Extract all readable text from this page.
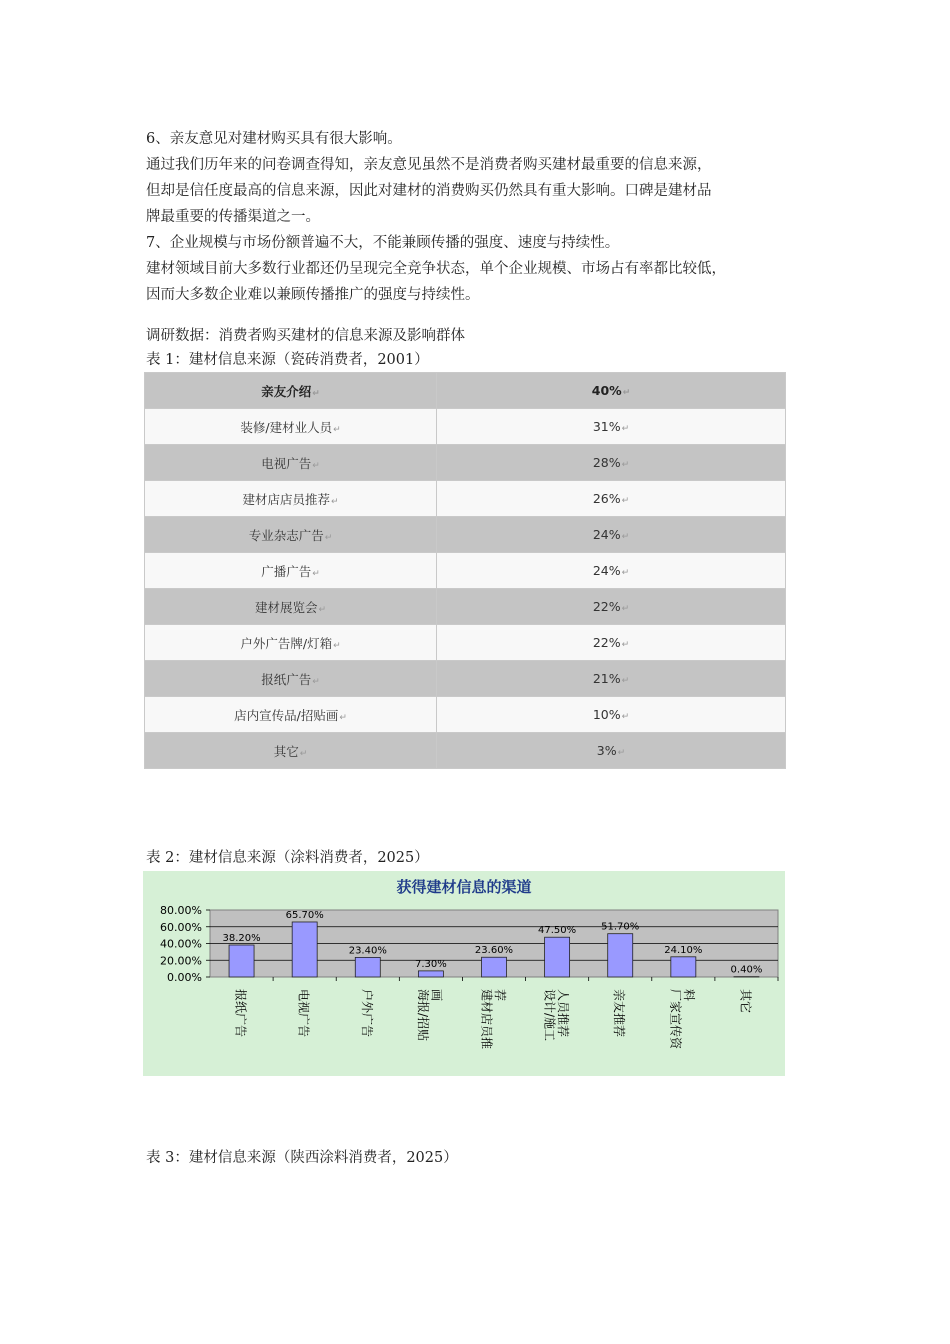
6、亲友意见对建材购买具有很大影响。

通过我们历年来的问卷调查得知，亲友意见虽然不是消费者购买建材最重要的信息来源，

但却是信任度最高的信息来源，因此对建材的消费购买仍然具有重大影响。口碑是建材品

牌最重要的传播渠道之一。

7、企业规模与市场份额普遍不大，不能兼顾传播的强度、速度与持续性。

建材领域目前大多数行业都还仍呈现完全竞争状态，单个企业规模、市场占有率都比较低，

因而大多数企业难以兼顾传播推广的强度与持续性。

调研数据：消费者购买建材的信息来源及影响群体
表 1：建材信息来源（瓷砖消费者，2001）
亲友介绍↵	40%↵
装修/建材业人员↵	31%↵
电视广告↵	28%↵
建材店店员推荐↵	26%↵
专业杂志广告↵	24%↵
广播广告↵	24%↵
建材展览会↵	22%↵
户外广告牌/灯箱↵	22%↵
报纸广告↵	21%↵
店内宣传品/招贴画↵	10%↵
其它↵	3%↵
表 2：建材信息来源（涂料消费者，2025）
获得建材信息的渠道
80.00%
60.00%
40.00%
20.00%
0.00%
38.20%
报纸广告
65.70%
电视广告
23.40%
户外广告
7.30%
海报/招贴 画
23.60%
建材店员推 荐
47.50%
设计/施工 人员推荐
51.70%
亲友推荐
24.10%
厂家宣传资 料
0.40%
其它
表 3：建材信息来源（陕西涂料消费者，2025）
